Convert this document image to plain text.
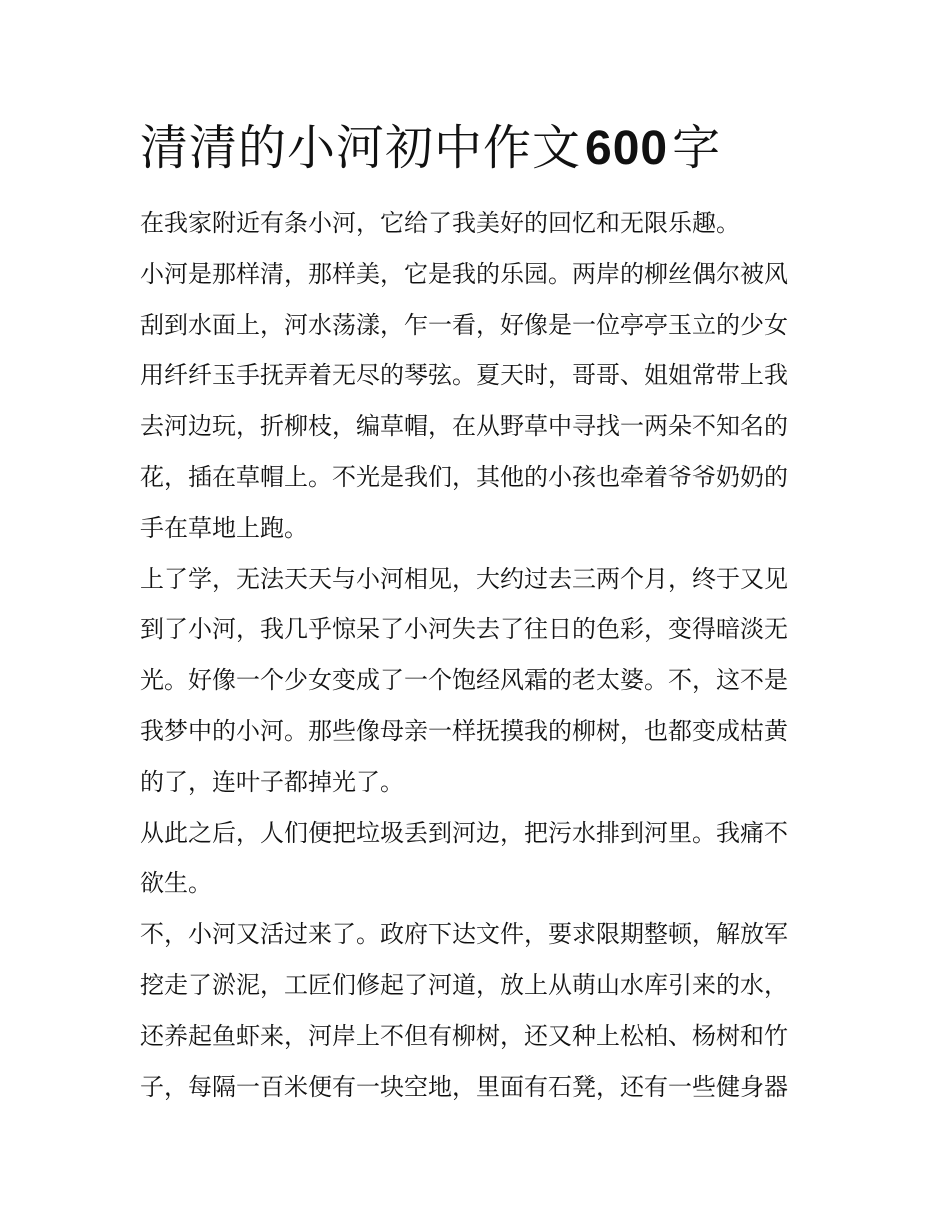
清清的小河初中作文600字
在我家附近有条小河，它给了我美好的回忆和无限乐趣。
小河是那样清，那样美，它是我的乐园。两岸的柳丝偶尔被风
刮到水面上，河水荡漾，乍一看，好像是一位亭亭玉立的少女
用纤纤玉手抚弄着无尽的琴弦。夏天时，哥哥、姐姐常带上我
去河边玩，折柳枝，编草帽，在从野草中寻找一两朵不知名的
花，插在草帽上。不光是我们，其他的小孩也牵着爷爷奶奶的
手在草地上跑。
上了学，无法天天与小河相见，大约过去三两个月，终于又见
到了小河，我几乎惊呆了小河失去了往日的色彩，变得暗淡无
光。好像一个少女变成了一个饱经风霜的老太婆。不，这不是
我梦中的小河。那些像母亲一样抚摸我的柳树，也都变成枯黄
的了，连叶子都掉光了。
从此之后，人们便把垃圾丢到河边，把污水排到河里。我痛不
欲生。
不，小河又活过来了。政府下达文件，要求限期整顿，解放军
挖走了淤泥，工匠们修起了河道，放上从萌山水库引来的水，
还养起鱼虾来，河岸上不但有柳树，还又种上松柏、杨树和竹
子，每隔一百米便有一块空地，里面有石凳，还有一些健身器
